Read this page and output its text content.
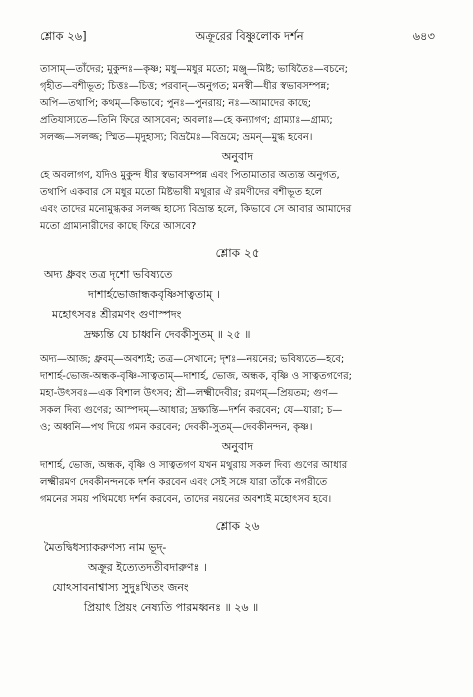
শ্লোক ২৬]	অক্রূরের বিষ্ণুলোক দর্শন	৬৪৩
তাসাম্—তাঁদের; মুকুন্দঃ—কৃষ্ণ; মধু—মধুর মতো; মঞ্জু—মিষ্ট; ভাষিতৈঃ—বচনে;
গৃহীত—বশীভূত; চিত্তঃ—চিত্ত; পরবান্—অনুগত; মনস্বী—ধীর স্বভাবসম্পন্ন;
অপি—তথাপি; কথম্—কিভাবে; পুনঃ—পুনরায়; নঃ—আমাদের কাছে;
প্রতিযাস্যতে—তিনি ফিরে আসবেন; অবলাঃ—হে কন্যাগণ; গ্রাম্যাঃ—গ্রাম্য;
সলজ্জ—সলজ্জ; স্মিত—মৃদুহাস্য; বিভ্রমৈঃ—বিভ্রমে; ভ্রমন্—মুগ্ধ হবেন।
অনুবাদ
হে অবলাগণ, যদিও মুকুন্দ ধীর স্বভাবসম্পন্ন এবং পিতামাতার অত্যন্ত অনুগত,
তথাপি একবার সে মধুর মতো মিষ্টভাষী মথুরার ঐ রমণীদের বশীভূত হলে
এবং তাদের মনোমুগ্ধকর সলজ্জ হাস্যে বিভ্রান্ত হলে, কিভাবে সে আবার আমাদের
মতো গ্রাম্যনারীদের কাছে ফিরে আসবে?
শ্লোক ২৫
অদ্য ধ্রুবং তত্র দৃশো ভবিষ্যতে
দাশার্হভোজান্ধকবৃষ্ণিসাত্বতাম্ ।
মহোৎসবঃ শ্রীরমণং গুণাস্পদং
দ্রক্ষ্যন্তি যে চাধ্বনি দেবকীসুতম্ ॥ ২৫ ॥
অদ্য—আজ; ধ্রুবম্—অবশ্যই; তত্র—সেখানে; দৃশঃ—নয়নের; ভবিষ্যতে—হবে;
দাশার্হ-ভোজ-অন্ধক-বৃষ্ণি-সাত্বতাম্—দাশার্হ, ভোজ, অন্ধক, বৃষ্ণি ও সাত্বতগণের;
মহা-উৎসবঃ—এক বিশাল উৎসব; শ্রী—লক্ষ্মীদেবীর; রমণম্—প্রিয়তম; গুণ—
সকল দিব্য গুণের; আস্পদম্—আধার; দ্রক্ষ্যন্তি—দর্শন করবেন; যে—যারা; চ—
ও; অধ্বনি—পথ দিয়ে গমন করবেন; দেবকী-সুতম্—দেবকীনন্দন, কৃষ্ণ।
অনুবাদ
দাশার্হ, ভোজ, অন্ধক, বৃষ্ণি ও সাত্বতগণ যখন মথুরায় সকল দিব্য গুণের আধার
লক্ষ্মীরমণ দেবকীনন্দনকে দর্শন করবেন এবং সেই সঙ্গে যারা তাঁকে নগরীতে
গমনের সময় পথিমধ্যে দর্শন করবেন, তাদের নয়নের অবশ্যই মহোৎসব হবে।
শ্লোক ২৬
মৈতদ্বিধস্যাকরুণস্য নাম ভূদ্-
অক্রূর ইত্যেতদতীবদারুণঃ ।
যোঽসাবনাশ্বাস্য সুদুঃখিতং জনং
প্রিয়াৎ প্রিয়ং নেষ্যতি পারমধ্বনঃ ॥ ২৬ ॥
